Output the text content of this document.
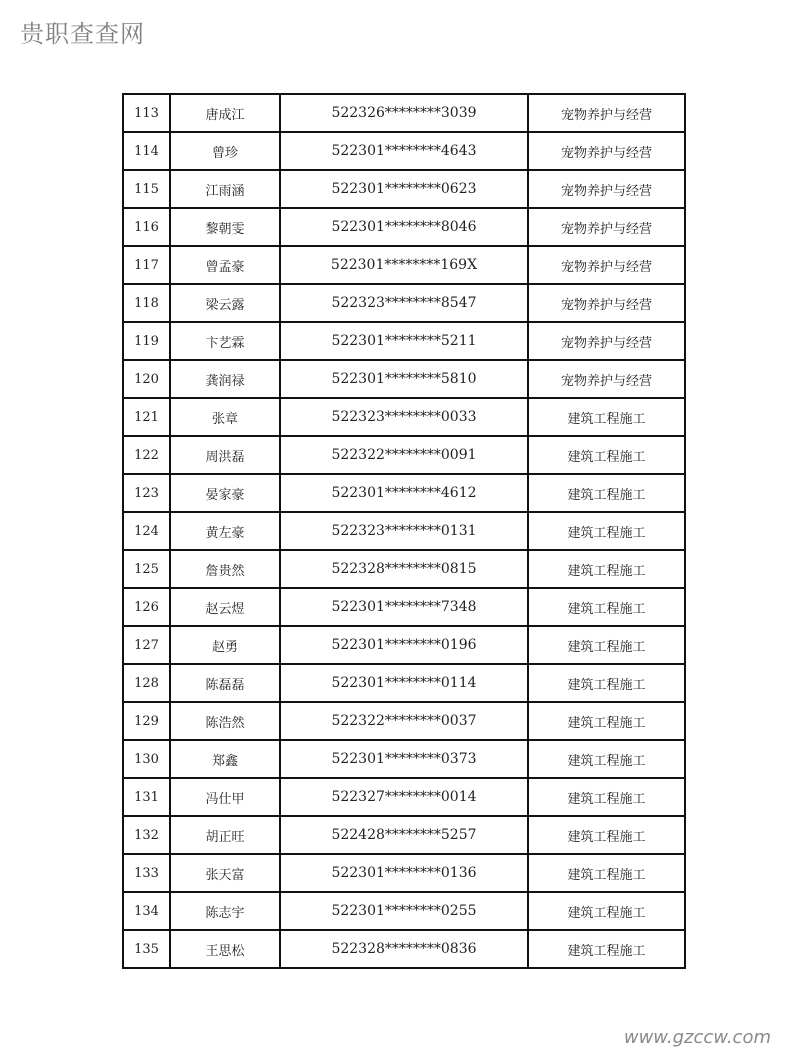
贵职查查网
113	唐成江	522326********3039	宠物养护与经营
114	曾珍	522301********4643	宠物养护与经营
115	江雨涵	522301********0623	宠物养护与经营
116	黎朝雯	522301********8046	宠物养护与经营
117	曾孟豪	522301********169X	宠物养护与经营
118	梁云露	522323********8547	宠物养护与经营
119	卞艺霖	522301********5211	宠物养护与经营
120	龚润禄	522301********5810	宠物养护与经营
121	张章	522323********0033	建筑工程施工
122	周洪磊	522322********0091	建筑工程施工
123	晏家豪	522301********4612	建筑工程施工
124	黄左豪	522323********0131	建筑工程施工
125	詹贵然	522328********0815	建筑工程施工
126	赵云煜	522301********7348	建筑工程施工
127	赵勇	522301********0196	建筑工程施工
128	陈磊磊	522301********0114	建筑工程施工
129	陈浩然	522322********0037	建筑工程施工
130	郑鑫	522301********0373	建筑工程施工
131	冯仕甲	522327********0014	建筑工程施工
132	胡正旺	522428********5257	建筑工程施工
133	张天富	522301********0136	建筑工程施工
134	陈志宇	522301********0255	建筑工程施工
135	王思松	522328********0836	建筑工程施工
www.gzccw.com
